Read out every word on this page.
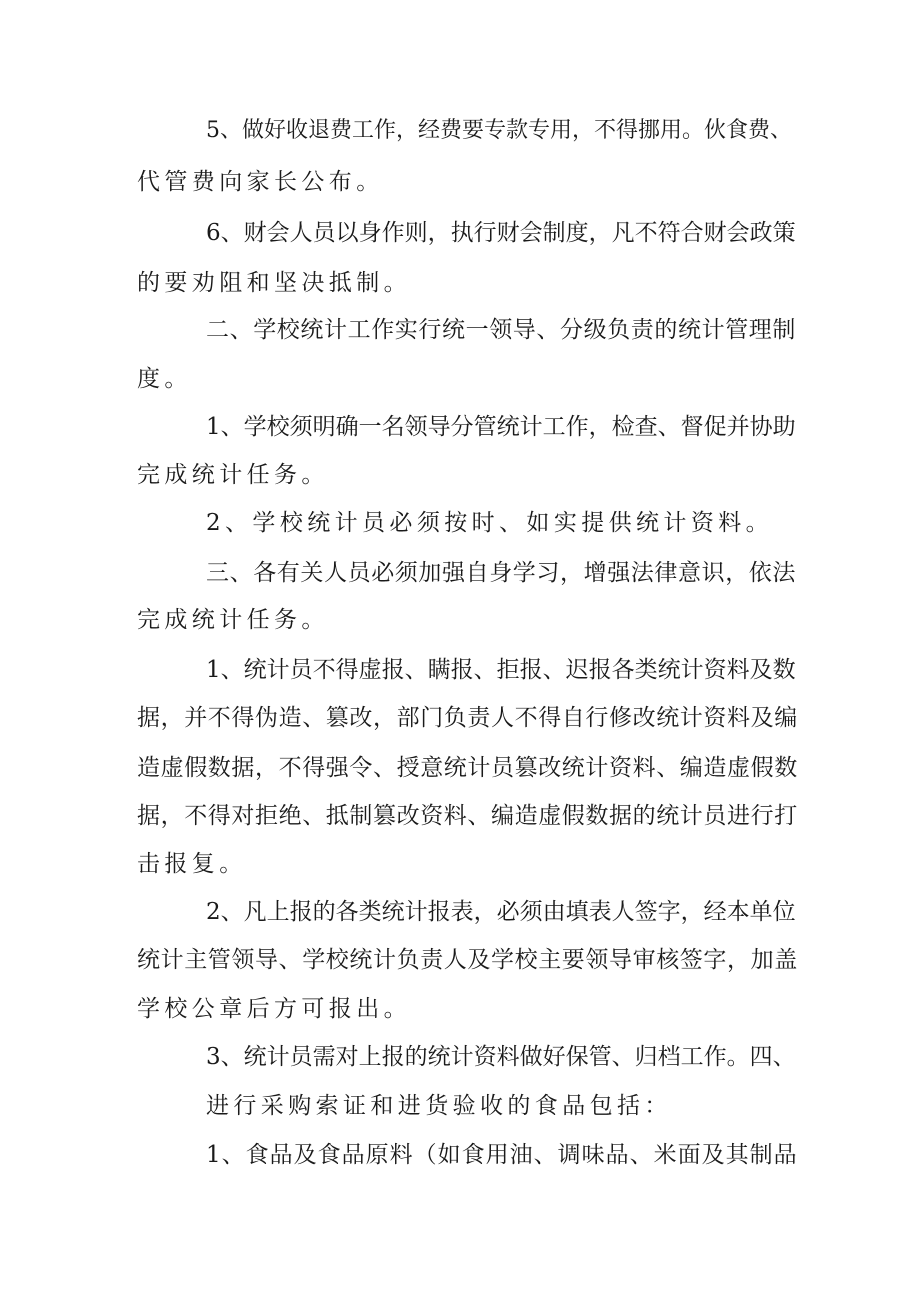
5、做好收退费工作，经费要专款专用，不得挪用。伙食费、
代管费向家长公布。
6、财会人员以身作则，执行财会制度，凡不符合财会政策
的要劝阻和坚决抵制。
二、学校统计工作实行统一领导、分级负责的统计管理制
度。
1、学校须明确一名领导分管统计工作，检查、督促并协助
完成统计任务。
2、学校统计员必须按时、如实提供统计资料。
三、各有关人员必须加强自身学习，增强法律意识，依法
完成统计任务。
1、统计员不得虚报、瞒报、拒报、迟报各类统计资料及数
据，并不得伪造、篡改，部门负责人不得自行修改统计资料及编
造虚假数据，不得强令、授意统计员篡改统计资料、编造虚假数
据，不得对拒绝、抵制篡改资料、编造虚假数据的统计员进行打
击报复。
2、凡上报的各类统计报表，必须由填表人签字，经本单位
统计主管领导、学校统计负责人及学校主要领导审核签字，加盖
学校公章后方可报出。
3、统计员需对上报的统计资料做好保管、归档工作。四、
进行采购索证和进货验收的食品包括：
1、食品及食品原料（如食用油、调味品、米面及其制品
